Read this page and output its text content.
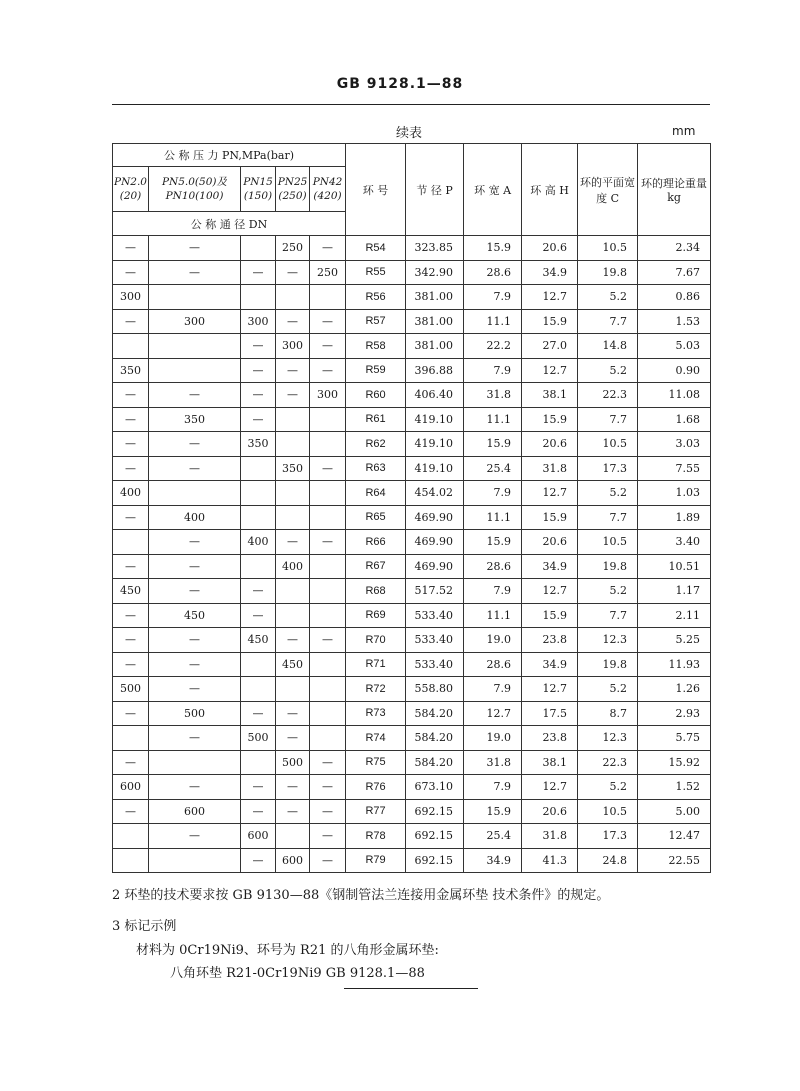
GB 9128.1—88
续表	mm
公 称 压 力 PN,MPa(bar)					环 号	节 径 P	环 宽 A	环 高 H	环的平面宽度 C	环的理论重量 kg
PN2.0 (20)	PN5.0(50)及 PN10(100)	PN15 (150)	PN25 (250)	PN42 (420)						
公 称 通 径 DN										
—	—		250	—	R54	323.85	15.9	20.6	10.5	2.34
—	—	—	—	250	R55	342.90	28.6	34.9	19.8	7.67
300					R56	381.00	7.9	12.7	5.2	0.86
—	300	300	—	—	R57	381.00	11.1	15.9	7.7	1.53
		—	300	—	R58	381.00	22.2	27.0	14.8	5.03
350		—	—	—	R59	396.88	7.9	12.7	5.2	0.90
—	—	—	—	300	R60	406.40	31.8	38.1	22.3	11.08
—	350	—			R61	419.10	11.1	15.9	7.7	1.68
—	—	350			R62	419.10	15.9	20.6	10.5	3.03
—	—		350	—	R63	419.10	25.4	31.8	17.3	7.55
400					R64	454.02	7.9	12.7	5.2	1.03
—	400				R65	469.90	11.1	15.9	7.7	1.89
	—	400	—	—	R66	469.90	15.9	20.6	10.5	3.40
—	—		400		R67	469.90	28.6	34.9	19.8	10.51
450	—	—			R68	517.52	7.9	12.7	5.2	1.17
—	450	—			R69	533.40	11.1	15.9	7.7	2.11
—	—	450	—	—	R70	533.40	19.0	23.8	12.3	5.25
—	—		450		R71	533.40	28.6	34.9	19.8	11.93
500	—				R72	558.80	7.9	12.7	5.2	1.26
—	500	—	—		R73	584.20	12.7	17.5	8.7	2.93
	—	500	—		R74	584.20	19.0	23.8	12.3	5.75
—			500	—	R75	584.20	31.8	38.1	22.3	15.92
600	—	—	—	—	R76	673.10	7.9	12.7	5.2	1.52
—	600	—	—	—	R77	692.15	15.9	20.6	10.5	5.00
	—	600		—	R78	692.15	25.4	31.8	17.3	12.47
		—	600	—	R79	692.15	34.9	41.3	24.8	22.55
2 环垫的技术要求按 GB 9130—88《钢制管法兰连接用金属环垫 技术条件》的规定。
3 标记示例
材料为 0Cr19Ni9、环号为 R21 的八角形金属环垫:
八角环垫 R21-0Cr19Ni9 GB 9128.1—88
